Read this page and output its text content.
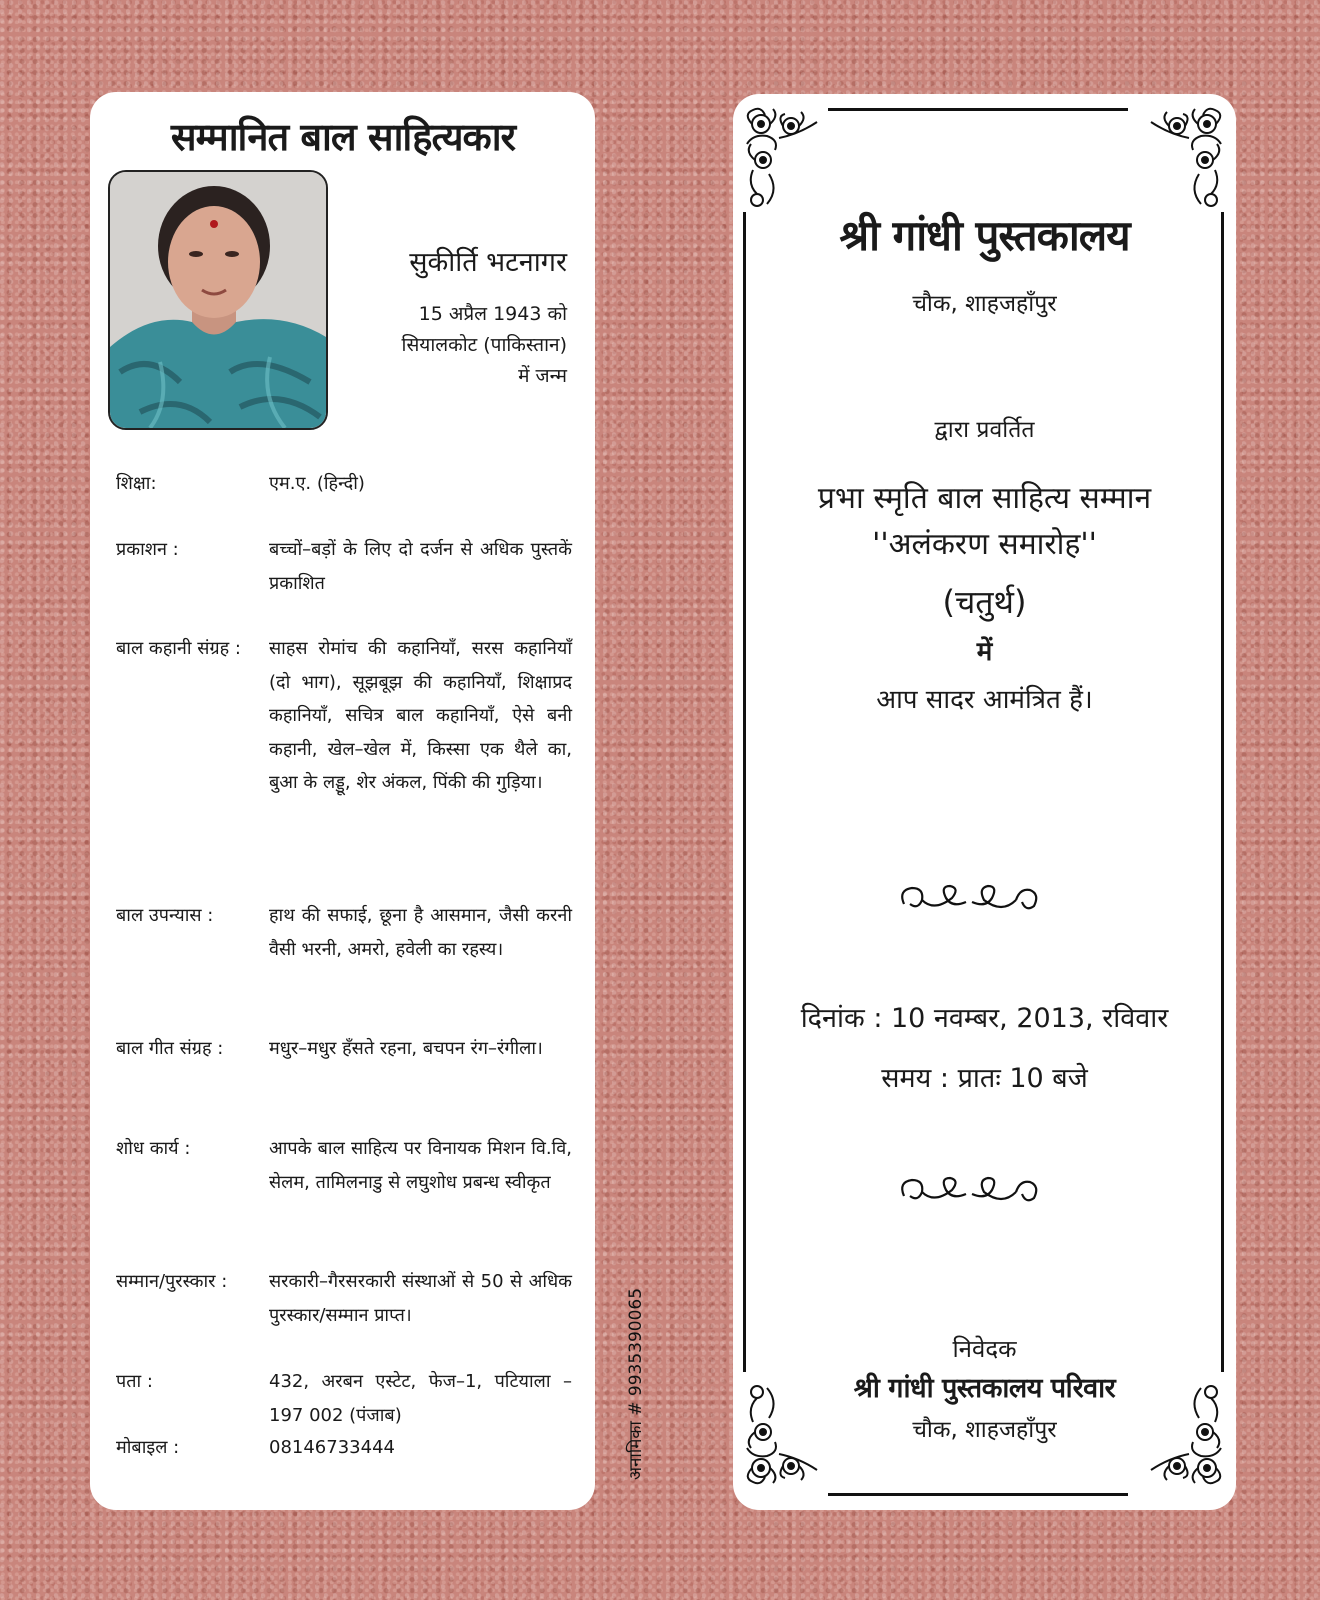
सम्मानित बाल साहित्यकार
सुकीर्ति भटनागर
15 अप्रैल 1943 को
सियालकोट (पाकिस्तान)
में जन्म
शिक्षा:	एम.ए. (हिन्दी)
प्रकाशन :	बच्चों–बड़ों के लिए दो दर्जन से अधिक पुस्तकें प्रकाशित
बाल कहानी संग्रह :	साहस रोमांच की कहानियाँ, सरस कहानियाँ (दो भाग), सूझबूझ की कहानियाँ, शिक्षाप्रद कहानियाँ, सचित्र बाल कहानियाँ, ऐसे बनी कहानी, खेल–खेल में, किस्सा एक थैले का, बुआ के लड्डू, शेर अंकल, पिंकी की गुड़िया।
बाल उपन्यास :	हाथ की सफाई, छूना है आसमान, जैसी करनी वैसी भरनी, अमरो, हवेली का रहस्य।
बाल गीत संग्रह :	मधुर–मधुर हँसते रहना, बचपन रंग–रंगीला।
शोध कार्य :	आपके बाल साहित्य पर विनायक मिशन वि.वि, सेलम, तामिलनाडु से लघुशोध प्रबन्ध स्वीकृत
सम्मान/पुरस्कार :	सरकारी–गैरसरकारी संस्थाओं से 50 से अधिक पुरस्कार/सम्मान प्राप्त।
पता :	432, अरबन एस्टेट, फेज–1, पटियाला – 197 002 (पंजाब)
मोबाइल :	08146733444	अनामिका # 9935390065
श्री गांधी पुस्तकालय
चौक, शाहजहाँपुर
द्वारा प्रवर्तित
प्रभा स्मृति बाल साहित्य सम्मान
''अलंकरण समारोह''
(चतुर्थ)
में
आप सादर आमंत्रित हैं।
दिनांक : 10 नवम्बर, 2013, रविवार
समय : प्रातः 10 बजे
निवेदक
श्री गांधी पुस्तकालय परिवार
चौक, शाहजहाँपुर
